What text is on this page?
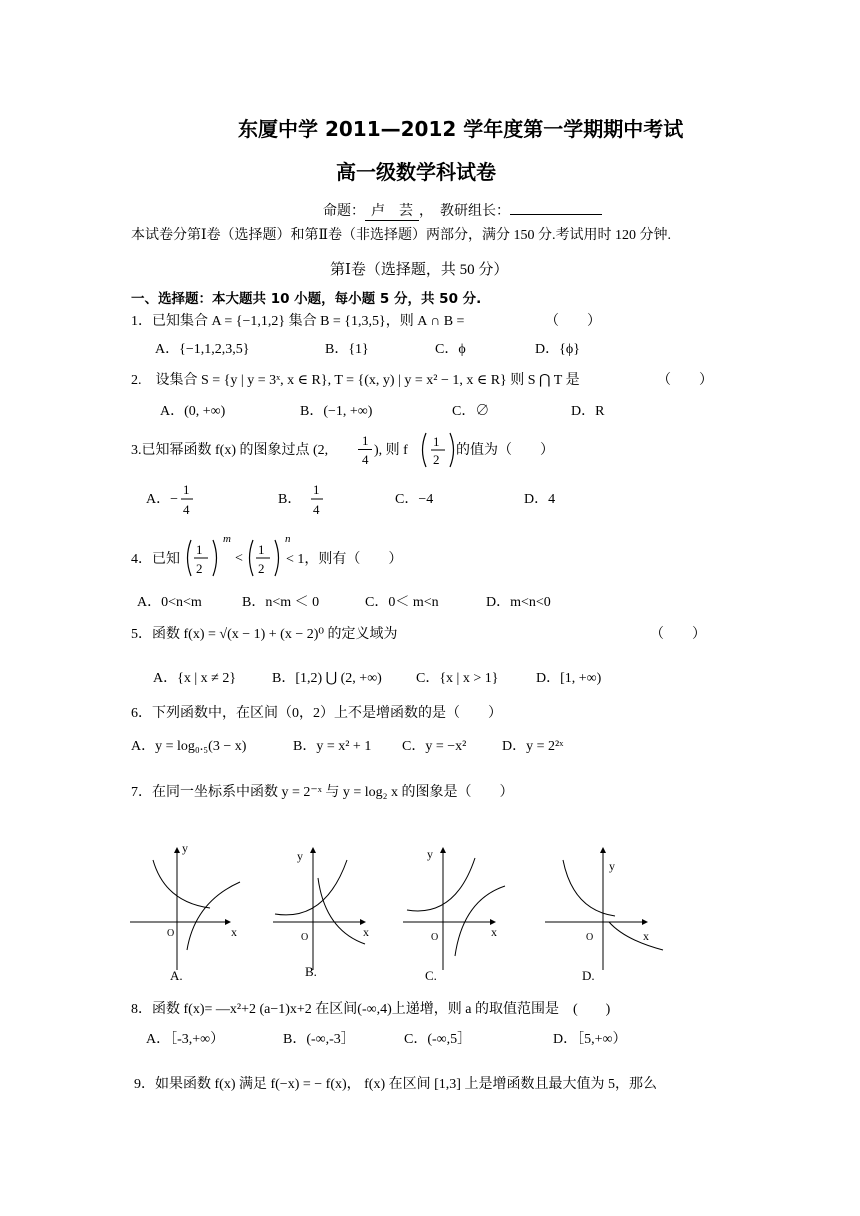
东厦中学 2011—2012 学年度第一学期期中考试
高一级数学科试卷
命题： 卢　芸 ，　教研组长：
本试卷分第Ⅰ卷（选择题）和第Ⅱ卷（非选择题）两部分，满分 150 分.考试用时 120 分钟.
第Ⅰ卷（选择题，共 50 分）
一、选择题：本大题共 10 小题，每小题 5 分，共 50 分.
1．已知集合 A = {−1,1,2} 集合 B = {1,3,5}，则 A ∩ B =	（　　）
A．{−1,1,2,3,5}	B．{1}	C．ϕ	D．{ϕ}
2.　设集合 S = {y | y = 3ˣ, x ∈ R}, T = {(x, y) | y = x² − 1, x ∈ R} 则 S ⋂ T 是	（　　）
A．(0, +∞)	B．(−1, +∞)	C．∅	D．R
3.已知幂函数 f(x) 的图象过点 (2,
1
4
), 则 f
1
2
的值为（　　）
A．−
1
4
B．
1
4
C．−4	D．4
4．已知
1
2
m
<
1
2
n
< 1，则有（　　）
A．0<n<m	B．n<m ＜ 0	C．0＜ m<n	D．m<n<0
5．函数 f(x) = √(x − 1) + (x − 2)⁰ 的定义域为	（　　）
A．{x | x ≠ 2}	B．[1,2) ⋃ (2, +∞) C．{x | x > 1}	D．[1, +∞)
6．下列函数中，在区间（0，2）上不是增函数的是（　　）
A．y = log₀.₅(3 − x)	B．y = x² + 1 C．y = −x²	D．y = 2²ˣ
7．在同一坐标系中函数 y = 2⁻ˣ 与 y = log₂ x 的图象是（　　）
y
x
O
A.
y
x
O
B.
y
x
O
C.
y
x
O
D.
8．函数 f(x)= —x²+2 (a−1)x+2 在区间(-∞,4)上递增，则 a 的取值范围是　(　　)
A．［-3,+∞）	B．(-∞,-3］	C．(-∞,5］	D．［5,+∞）
9．如果函数 f(x) 满足 f(−x) = − f(x)， f(x) 在区间 [1,3] 上是增函数且最大值为 5，那么
